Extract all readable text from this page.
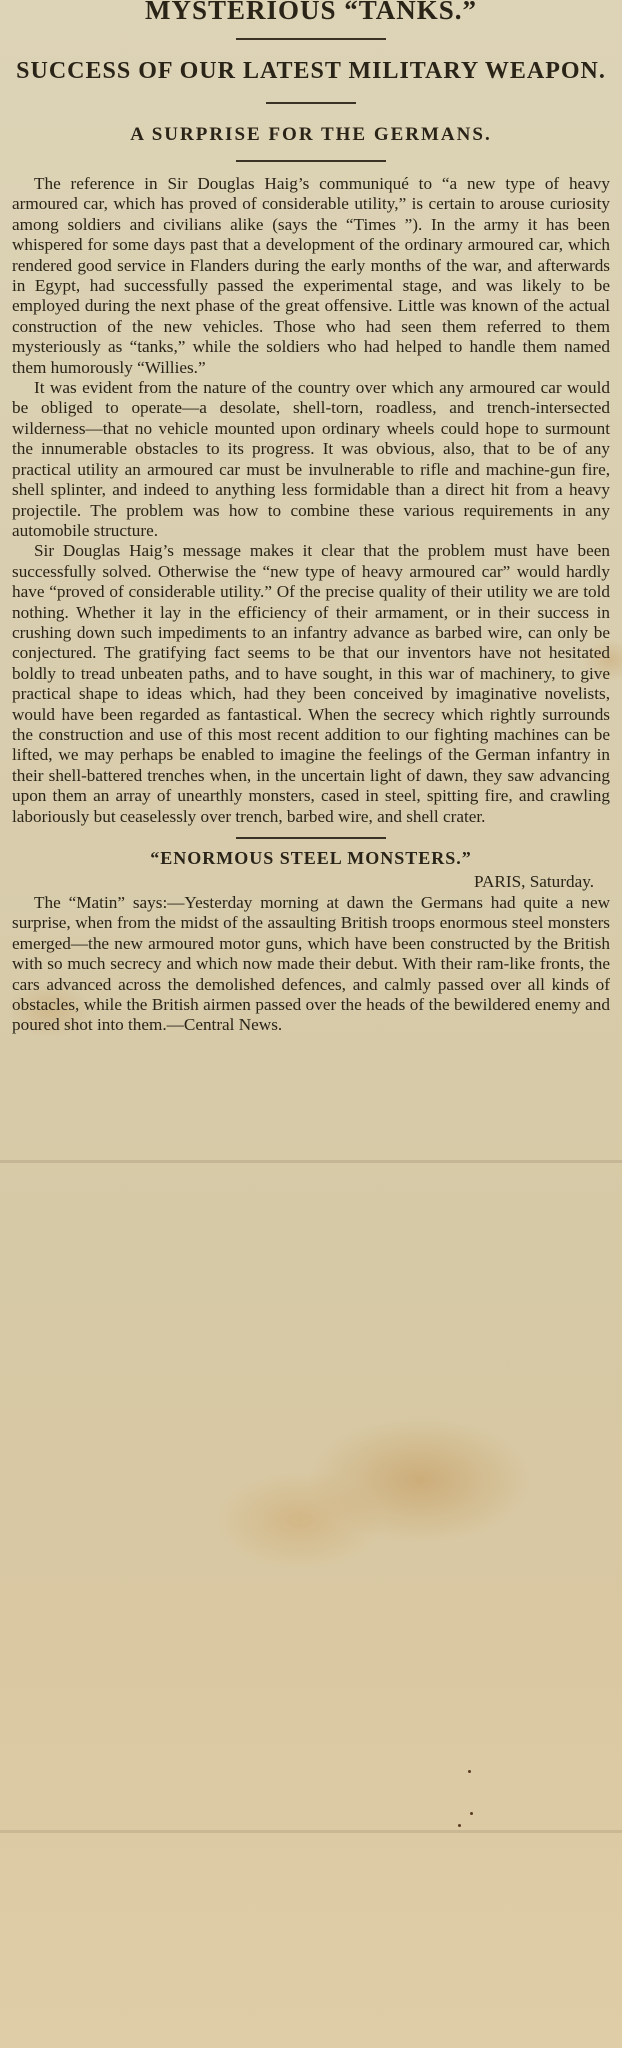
MYSTERIOUS “TANKS.”
SUCCESS OF OUR LATEST MILITARY WEAPON.
A SURPRISE FOR THE GERMANS.

The reference in Sir Douglas Haig’s communiqué to “a new type of heavy armoured car, which has proved of considerable utility,” is certain to arouse curiosity among soldiers and civilians alike (says the “Times ”). In the army it has been whispered for some days past that a development of the ordinary armoured car, which rendered good service in Flanders during the early months of the war, and afterwards in Egypt, had successfully passed the experimental stage, and was likely to be employed during the next phase of the great offensive. Little was known of the actual construction of the new vehicles. Those who had seen them referred to them mysteriously as “tanks,” while the soldiers who had helped to handle them named them humorously “Willies.”

It was evident from the nature of the country over which any armoured car would be obliged to operate—a desolate, shell-torn, roadless, and trench-intersected wilderness—that no vehicle mounted upon ordinary wheels could hope to surmount the innumerable obstacles to its progress. It was obvious, also, that to be of any practical utility an armoured car must be invulnerable to rifle and machine-gun fire, shell splinter, and indeed to anything less formidable than a direct hit from a heavy projectile. The problem was how to combine these various requirements in any automobile structure.

Sir Douglas Haig’s message makes it clear that the problem must have been successfully solved. Otherwise the “new type of heavy armoured car” would hardly have “proved of considerable utility.” Of the precise quality of their utility we are told nothing. Whether it lay in the efficiency of their armament, or in their success in crushing down such impediments to an infantry advance as barbed wire, can only be conjectured. The gratifying fact seems to be that our inventors have not hesitated boldly to tread unbeaten paths, and to have sought, in this war of machinery, to give practical shape to ideas which, had they been conceived by imaginative novelists, would have been regarded as fantastical. When the secrecy which rightly surrounds the construction and use of this most recent addition to our fighting machines can be lifted, we may perhaps be enabled to imagine the feelings of the German infantry in their shell-battered trenches when, in the uncertain light of dawn, they saw advancing upon them an array of unearthly monsters, cased in steel, spitting fire, and crawling laboriously but ceaselessly over trench, barbed wire, and shell crater.

“ENORMOUS STEEL MONSTERS.”

PARIS, Saturday.

The “Matin” says:—Yesterday morning at dawn the Germans had quite a new surprise, when from the midst of the assaulting British troops enormous steel monsters emerged—the new armoured motor guns, which have been constructed by the British with so much secrecy and which now made their debut. With their ram-like fronts, the cars advanced across the demolished defences, and calmly passed over all kinds of obstacles, while the British airmen passed over the heads of the bewildered enemy and poured shot into them.—Central News.
